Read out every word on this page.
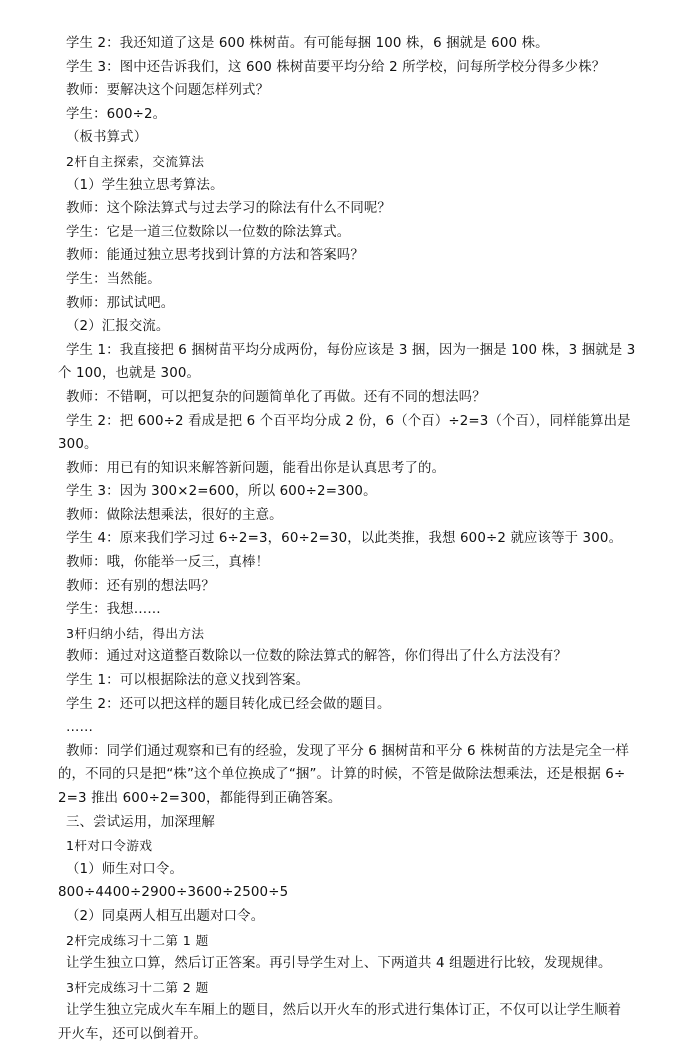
学生 2：我还知道了这是 600 株树苗。有可能每捆 100 株，6 捆就是 600 株。
学生 3：图中还告诉我们，这 600 株树苗要平均分给 2 所学校，问每所学校分得多少株？
教师：要解决这个问题怎样列式？
学生：600÷2。
（板书算式）
2杆自主探索，交流算法
（1）学生独立思考算法。
教师：这个除法算式与过去学习的除法有什么不同呢？
学生：它是一道三位数除以一位数的除法算式。
教师：能通过独立思考找到计算的方法和答案吗？
学生：当然能。
教师：那试试吧。
（2）汇报交流。
学生 1：我直接把 6 捆树苗平均分成两份，每份应该是 3 捆，因为一捆是 100 株，3 捆就是 3
个 100，也就是 300。
教师：不错啊，可以把复杂的问题简单化了再做。还有不同的想法吗？
学生 2：把 600÷2 看成是把 6 个百平均分成 2 份，6（个百）÷2=3（个百），同样能算出是
300。
教师：用已有的知识来解答新问题，能看出你是认真思考了的。
学生 3：因为 300×2=600，所以 600÷2=300。
教师：做除法想乘法，很好的主意。
学生 4：原来我们学习过 6÷2=3，60÷2=30，以此类推，我想 600÷2 就应该等于 300。
教师：哦，你能举一反三，真棒！
教师：还有别的想法吗？
学生：我想……
3杆归纳小结，得出方法
教师：通过对这道整百数除以一位数的除法算式的解答，你们得出了什么方法没有？
学生 1：可以根据除法的意义找到答案。
学生 2：还可以把这样的题目转化成已经会做的题目。
……
教师：同学们通过观察和已有的经验，发现了平分 6 捆树苗和平分 6 株树苗的方法是完全一样
的，不同的只是把“株”这个单位换成了“捆”。计算的时候，不管是做除法想乘法，还是根据 6÷
2=3 推出 600÷2=300，都能得到正确答案。
三、尝试运用，加深理解
1杆对口令游戏
（1）师生对口令。
800÷4400÷2900÷3600÷2500÷5
（2）同桌两人相互出题对口令。
2杆完成练习十二第 1 题
让学生独立口算，然后订正答案。再引导学生对上、下两道共 4 组题进行比较，发现规律。
3杆完成练习十二第 2 题
让学生独立完成火车车厢上的题目，然后以开火车的形式进行集体订正，不仅可以让学生顺着
开火车，还可以倒着开。
